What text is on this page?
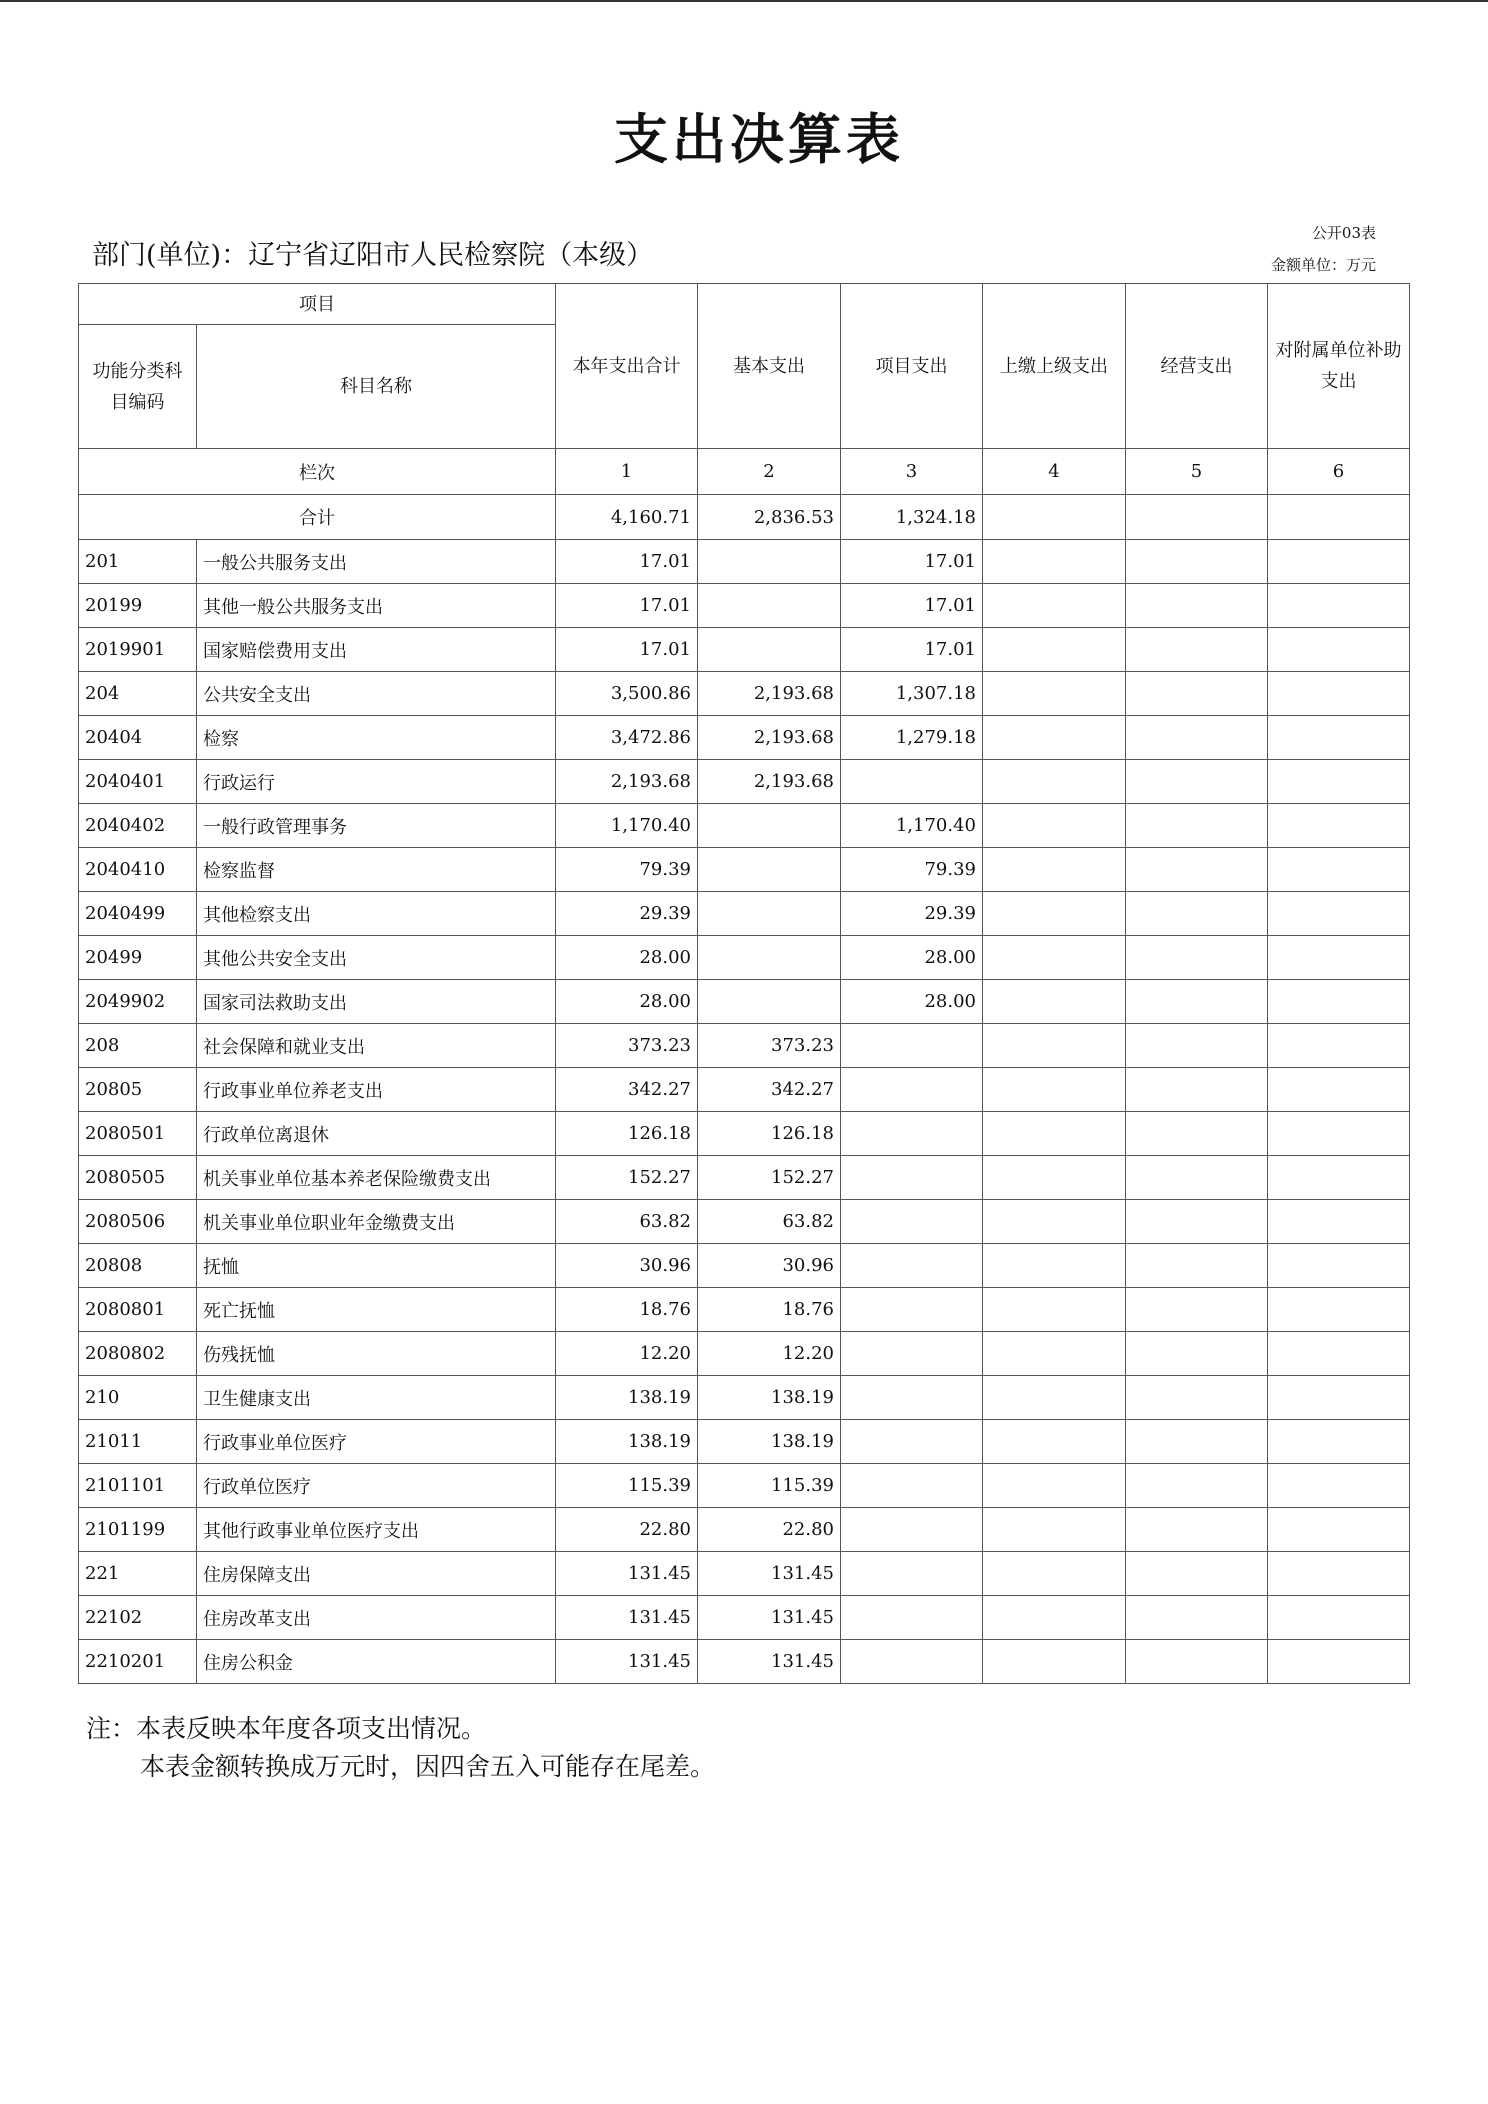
支出决算表
公开03表
金额单位：万元
部门(单位)：辽宁省辽阳市人民检察院（本级）
项目		本年支出合计	基本支出	项目支出	上缴上级支出	经营支出	对附属单位补助支出
功能分类科目编码	科目名称						
栏次		1	2	3	4	5	6
合计		4,160.71	2,836.53	1,324.18			
201	一般公共服务支出	17.01		17.01			
20199	其他一般公共服务支出	17.01		17.01			
2019901	国家赔偿费用支出	17.01		17.01			
204	公共安全支出	3,500.86	2,193.68	1,307.18			
20404	检察	3,472.86	2,193.68	1,279.18			
2040401	行政运行	2,193.68	2,193.68				
2040402	一般行政管理事务	1,170.40		1,170.40			
2040410	检察监督	79.39		79.39			
2040499	其他检察支出	29.39		29.39			
20499	其他公共安全支出	28.00		28.00			
2049902	国家司法救助支出	28.00		28.00			
208	社会保障和就业支出	373.23	373.23				
20805	行政事业单位养老支出	342.27	342.27				
2080501	行政单位离退休	126.18	126.18				
2080505	机关事业单位基本养老保险缴费支出	152.27	152.27				
2080506	机关事业单位职业年金缴费支出	63.82	63.82				
20808	抚恤	30.96	30.96				
2080801	死亡抚恤	18.76	18.76				
2080802	伤残抚恤	12.20	12.20				
210	卫生健康支出	138.19	138.19				
21011	行政事业单位医疗	138.19	138.19				
2101101	行政单位医疗	115.39	115.39				
2101199	其他行政事业单位医疗支出	22.80	22.80				
221	住房保障支出	131.45	131.45				
22102	住房改革支出	131.45	131.45				
2210201	住房公积金	131.45	131.45				
注：本表反映本年度各项支出情况。
本表金额转换成万元时，因四舍五入可能存在尾差。
